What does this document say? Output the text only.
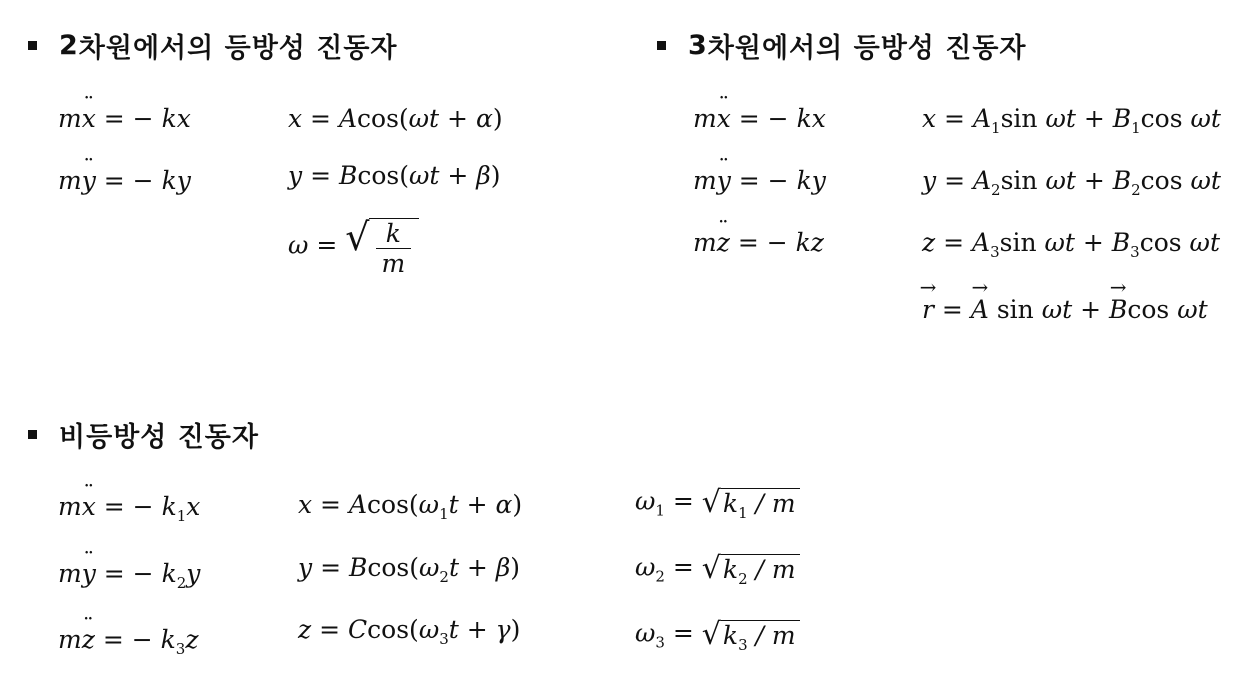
2 차원에서의 등방성 진동자	3 차원에서의 등방성 진동자
비등방성 진동자
m¨ x = − kx
m¨ y = − ky
x = Acos(ωt + α)
y = Bcos(ωt + β)
ω = √ $\frac{k}{m}$
m¨ x = − kx
m¨ y = − ky
m¨ z = − kz
$x = A_1\sin$ $\omega t + B_1\cos$ ωt
$y = A_2\sin$ $\omega t + B_2\cos$ ωt
$z = A_3\sin$ $\omega t + B_3\cos$ ωt
→ r = → A sin ωt + → Bcos ωt
m¨ x = − $k_1x$
m¨ y = − $k_2y$
m¨ z = − $k_3z$
$x = Acos(\omega_1t + \alpha)$
$y = Bcos(\omega_2t + \beta)$
$z = Ccos(\omega_3t + \gamma)$
$\omega_1$ = √ $k_1$ / m
$\omega_2$ = √ $k_2$ / m
$\omega_3$ = √ $k_3$ / m
